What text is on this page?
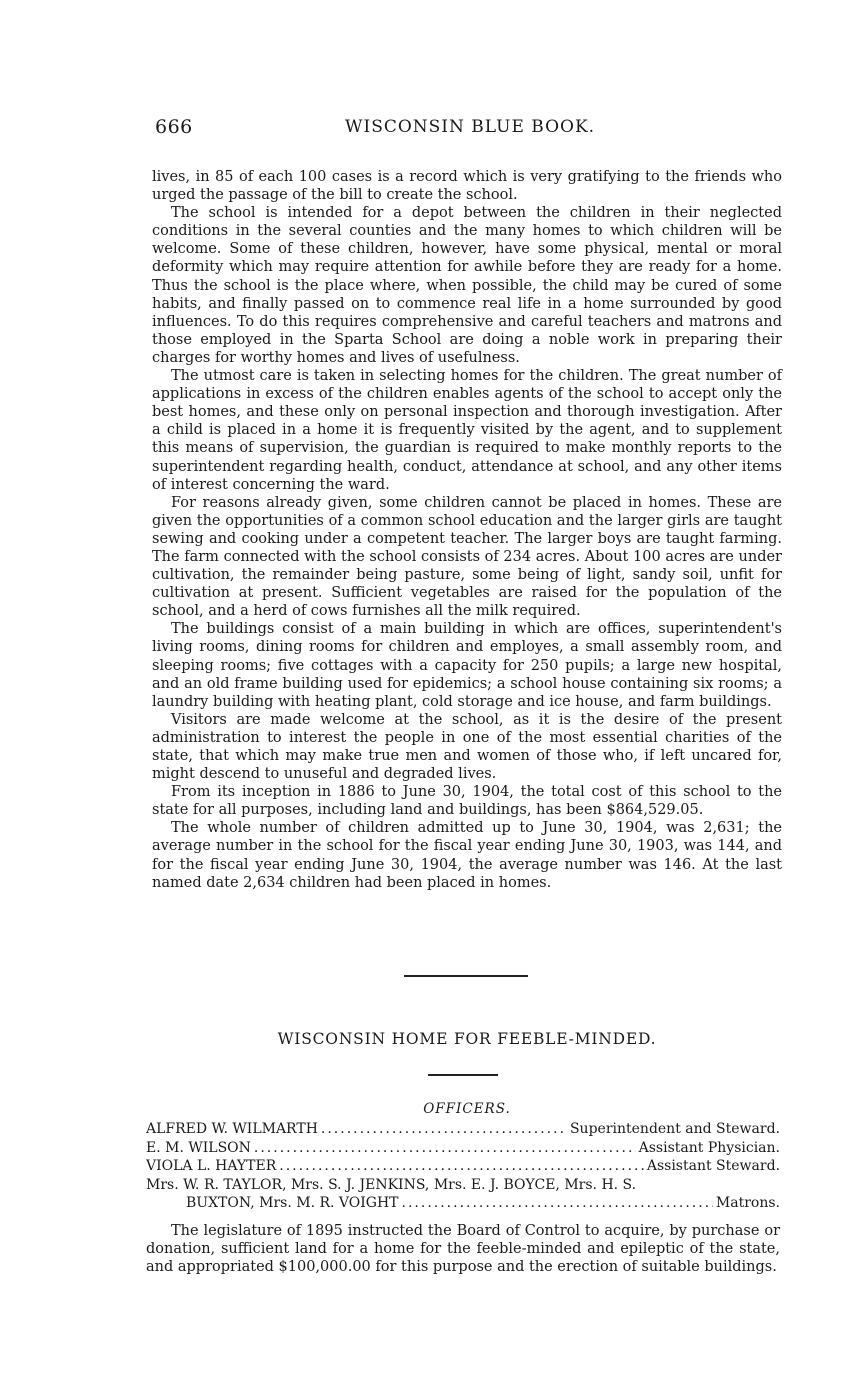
666	WISCONSIN BLUE BOOK.

lives, in 85 of each 100 cases is a record which is very gratifying to the friends who urged the passage of the bill to create the school.

The school is intended for a depot between the children in their neglected conditions in the several counties and the many homes to which children will be welcome. Some of these children, however, have some physical, mental or moral deformity which may require attention for awhile before they are ready for a home. Thus the school is the place where, when possible, the child may be cured of some habits, and finally passed on to commence real life in a home surrounded by good influences. To do this requires comprehensive and careful teachers and matrons and those employed in the Sparta School are doing a noble work in preparing their charges for worthy homes and lives of usefulness.

The utmost care is taken in selecting homes for the children. The great number of applications in excess of the children enables agents of the school to accept only the best homes, and these only on personal inspection and thorough investigation. After a child is placed in a home it is frequently visited by the agent, and to supplement this means of supervision, the guardian is required to make monthly reports to the superintendent regarding health, conduct, attendance at school, and any other items of interest concerning the ward.

For reasons already given, some children cannot be placed in homes. These are given the opportunities of a common school education and the larger girls are taught sewing and cooking under a competent teacher. The larger boys are taught farming. The farm connected with the school consists of 234 acres. About 100 acres are under cultivation, the remainder being pasture, some being of light, sandy soil, unfit for cultivation at present. Sufficient vegetables are raised for the population of the school, and a herd of cows furnishes all the milk required.

The buildings consist of a main building in which are offices, superintendent's living rooms, dining rooms for children and employes, a small assembly room, and sleeping rooms; five cottages with a capacity for 250 pupils; a large new hospital, and an old frame building used for epidemics; a school house containing six rooms; a laundry building with heating plant, cold storage and ice house, and farm buildings.

Visitors are made welcome at the school, as it is the desire of the present administration to interest the people in one of the most essential charities of the state, that which may make true men and women of those who, if left uncared for, might descend to unuseful and degraded lives.

From its inception in 1886 to June 30, 1904, the total cost of this school to the state for all purposes, including land and buildings, has been $864,529.05.

The whole number of children admitted up to June 30, 1904, was 2,631; the average number in the school for the fiscal year ending June 30, 1903, was 144, and for the fiscal year ending June 30, 1904, the average number was 146. At the last named date 2,634 children had been placed in homes.

WISCONSIN HOME FOR FEEBLE-MINDED.
OFFICERS.
ALFRED W. WILMARTH .....	Superintendent and Steward.
E. M. WILSON .....	Assistant Physician.
VIOLA L. HAYTER .....	Assistant Steward.
Mrs. W. R. TAYLOR, Mrs. S. J. JENKINS, Mrs. E. J. BOYCE, Mrs. H. S.
BUXTON, Mrs. M. R. VOIGHT .....	Matrons.

The legislature of 1895 instructed the Board of Control to acquire, by purchase or donation, sufficient land for a home for the feeble-minded and epileptic of the state, and appropriated $100,000.00 for this purpose and the erection of suitable buildings.
